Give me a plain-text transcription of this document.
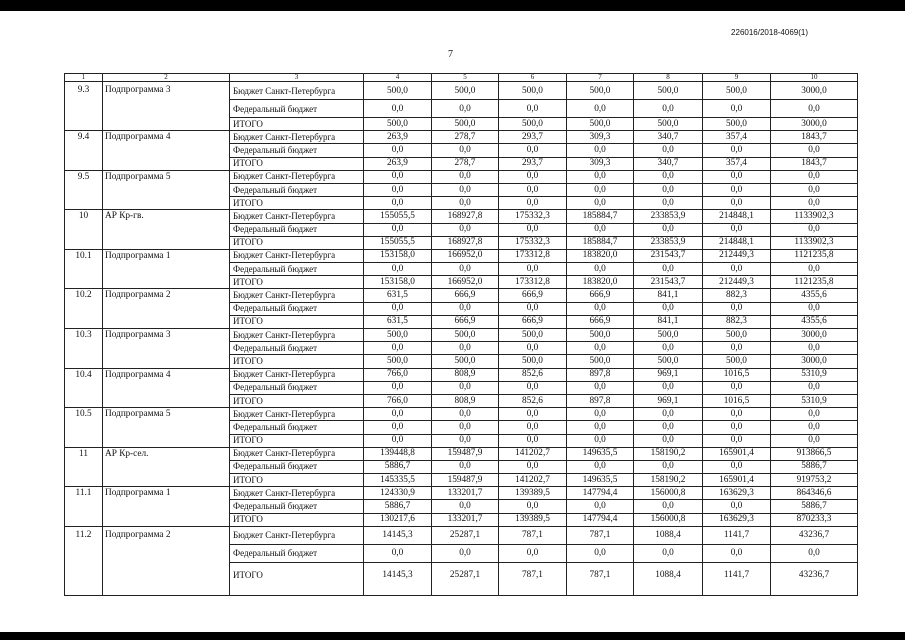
226016/2018-4069(1)
7
1	2	3	4	5	6	7	8	9	10
9.3	Подпрограмма 3	Бюджет Санкт-Петербурга	500,0	500,0	500,0	500,0	500,0	500,0	3000,0
		Федеральный бюджет	0,0	0,0	0,0	0,0	0,0	0,0	0,0
		ИТОГО	500,0	500,0	500,0	500,0	500,0	500,0	3000,0
9.4	Подпрограмма 4	Бюджет Санкт-Петербурга	263,9	278,7	293,7	309,3	340,7	357,4	1843,7
		Федеральный бюджет	0,0	0,0	0,0	0,0	0,0	0,0	0,0
		ИТОГО	263,9	278,7	293,7	309,3	340,7	357,4	1843,7
9.5	Подпрограмма 5	Бюджет Санкт-Петербурга	0,0	0,0	0,0	0,0	0,0	0,0	0,0
		Федеральный бюджет	0,0	0,0	0,0	0,0	0,0	0,0	0,0
		ИТОГО	0,0	0,0	0,0	0,0	0,0	0,0	0,0
10	АР Кр-гв.	Бюджет Санкт-Петербурга	155055,5	168927,8	175332,3	185884,7	233853,9	214848,1	1133902,3
		Федеральный бюджет	0,0	0,0	0,0	0,0	0,0	0,0	0,0
		ИТОГО	155055,5	168927,8	175332,3	185884,7	233853,9	214848,1	1133902,3
10.1	Подпрограмма 1	Бюджет Санкт-Петербурга	153158,0	166952,0	173312,8	183820,0	231543,7	212449,3	1121235,8
		Федеральный бюджет	0,0	0,0	0,0	0,0	0,0	0,0	0,0
		ИТОГО	153158,0	166952,0	173312,8	183820,0	231543,7	212449,3	1121235,8
10.2	Подпрограмма 2	Бюджет Санкт-Петербурга	631,5	666,9	666,9	666,9	841,1	882,3	4355,6
		Федеральный бюджет	0,0	0,0	0,0	0,0	0,0	0,0	0,0
		ИТОГО	631,5	666,9	666,9	666,9	841,1	882,3	4355,6
10.3	Подпрограмма 3	Бюджет Санкт-Петербурга	500,0	500,0	500,0	500,0	500,0	500,0	3000,0
		Федеральный бюджет	0,0	0,0	0,0	0,0	0,0	0,0	0,0
		ИТОГО	500,0	500,0	500,0	500,0	500,0	500,0	3000,0
10.4	Подпрограмма 4	Бюджет Санкт-Петербурга	766,0	808,9	852,6	897,8	969,1	1016,5	5310,9
		Федеральный бюджет	0,0	0,0	0,0	0,0	0,0	0,0	0,0
		ИТОГО	766,0	808,9	852,6	897,8	969,1	1016,5	5310,9
10.5	Подпрограмма 5	Бюджет Санкт-Петербурга	0,0	0,0	0,0	0,0	0,0	0,0	0,0
		Федеральный бюджет	0,0	0,0	0,0	0,0	0,0	0,0	0,0
		ИТОГО	0,0	0,0	0,0	0,0	0,0	0,0	0,0
11	АР Кр-сел.	Бюджет Санкт-Петербурга	139448,8	159487,9	141202,7	149635,5	158190,2	165901,4	913866,5
		Федеральный бюджет	5886,7	0,0	0,0	0,0	0,0	0,0	5886,7
		ИТОГО	145335,5	159487,9	141202,7	149635,5	158190,2	165901,4	919753,2
11.1	Подпрограмма 1	Бюджет Санкт-Петербурга	124330,9	133201,7	139389,5	147794,4	156000,8	163629,3	864346,6
		Федеральный бюджет	5886,7	0,0	0,0	0,0	0,0	0,0	5886,7
		ИТОГО	130217,6	133201,7	139389,5	147794,4	156000,8	163629,3	870233,3
11.2	Подпрограмма 2	Бюджет Санкт-Петербурга	14145,3	25287,1	787,1	787,1	1088,4	1141,7	43236,7
		Федеральный бюджет	0,0	0,0	0,0	0,0	0,0	0,0	0,0
		ИТОГО	14145,3	25287,1	787,1	787,1	1088,4	1141,7	43236,7
